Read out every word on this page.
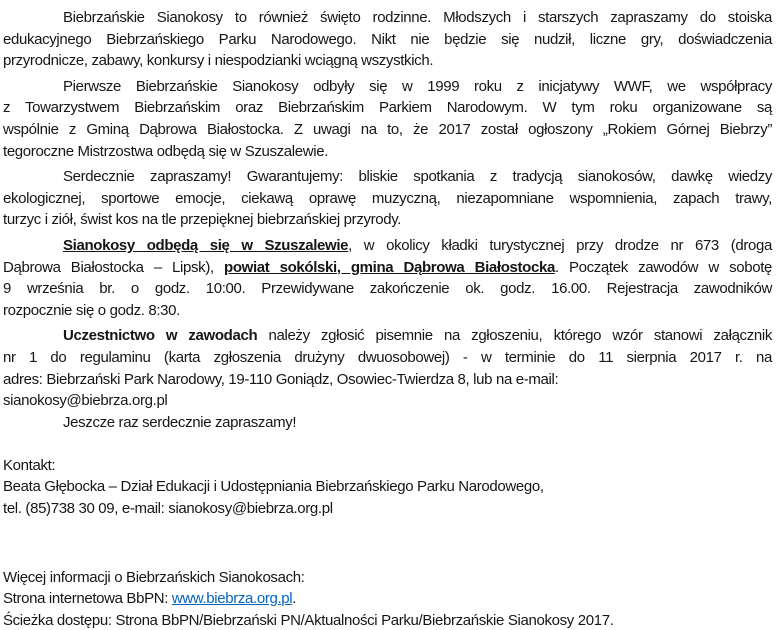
Biebrzańskie Sianokosy to również święto rodzinne. Młodszych i starszych zapraszamy do stoiska
edukacyjnego Biebrzańskiego Parku Narodowego. Nikt nie będzie się nudził, liczne gry, doświadczenia
przyrodnicze, zabawy, konkursy i niespodzianki wciągną wszystkich.
Pierwsze Biebrzańskie Sianokosy odbyły się w 1999 roku z inicjatywy WWF, we współpracy
z Towarzystwem Biebrzańskim oraz Biebrzańskim Parkiem Narodowym. W tym roku organizowane są
wspólnie z Gminą Dąbrowa Białostocka. Z uwagi na to, że 2017 został ogłoszony „Rokiem Górnej Biebrzy”
tegoroczne Mistrzostwa odbędą się w Szuszalewie.
Serdecznie zapraszamy! Gwarantujemy: bliskie spotkania z tradycją sianokosów, dawkę wiedzy
ekologicznej, sportowe emocje, ciekawą oprawę muzyczną, niezapomniane wspomnienia, zapach trawy,
turzyc i ziół, świst kos na tle przepięknej biebrzańskiej przyrody.
Sianokosy odbędą się w Szuszalewie, w okolicy kładki turystycznej przy drodze nr 673 (droga
Dąbrowa Białostocka – Lipsk), powiat sokólski, gmina Dąbrowa Białostocka. Początek zawodów w sobotę
9 września br. o godz. 10:00. Przewidywane zakończenie ok. godz. 16.00. Rejestracja zawodników
rozpocznie się o godz. 8:30.
Uczestnictwo w zawodach należy zgłosić pisemnie na zgłoszeniu, którego wzór stanowi załącznik
nr 1 do regulaminu (karta zgłoszenia drużyny dwuosobowej) - w terminie do 11 sierpnia 2017 r. na
adres: Biebrzański Park Narodowy, 19-110 Goniądz, Osowiec-Twierdza 8, lub na e-mail:
sianokosy@biebrza.org.pl
Jeszcze raz serdecznie zapraszamy!
Kontakt:
Beata Głębocka – Dział Edukacji i Udostępniania Biebrzańskiego Parku Narodowego,
tel. (85)738 30 09, e-mail: sianokosy@biebrza.org.pl
Więcej informacji o Biebrzańskich Sianokosach:
Strona internetowa BbPN: www.biebrza.org.pl.
Ścieżka dostępu: Strona BbPN/Biebrzański PN/Aktualności Parku/Biebrzańskie Sianokosy 2017.
